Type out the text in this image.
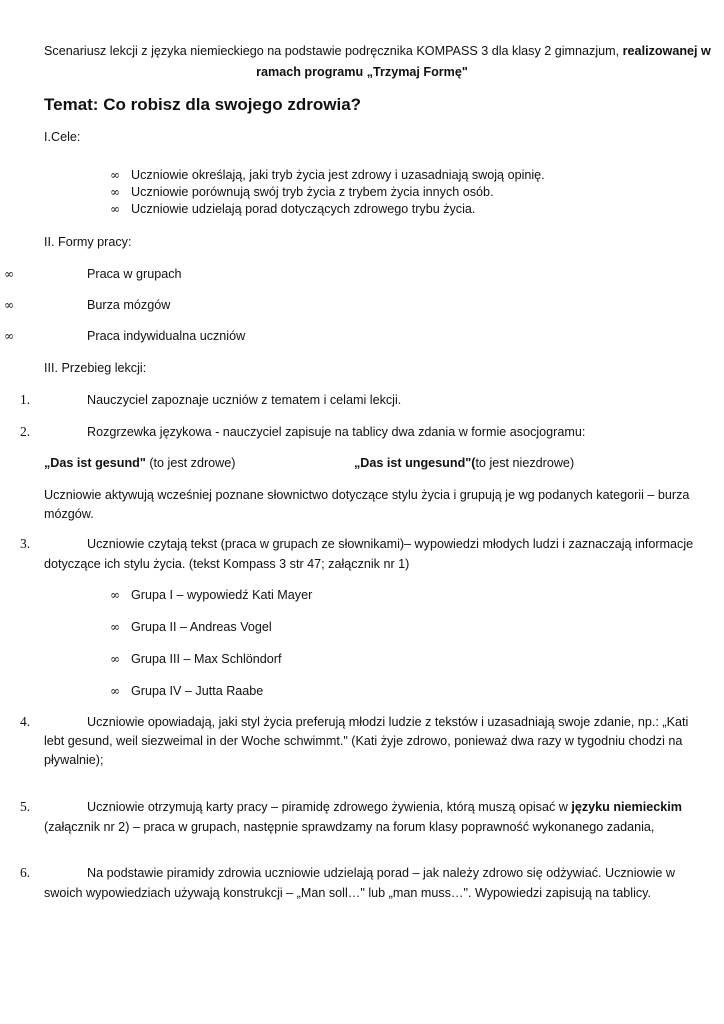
Scenariusz lekcji z języka niemieckiego na podstawie podręcznika KOMPASS 3 dla klasy 2 gimnazjum, realizowanej w
ramach programu „Trzymaj Formę"
Temat: Co robisz dla swojego zdrowia?
I.Cele:
∞ Uczniowie określają, jaki tryb życia jest zdrowy i uzasadniają swoją opinię.
∞ Uczniowie porównują swój tryb życia z trybem życia innych osób.
∞ Uczniowie udzielają porad dotyczących zdrowego trybu życia.
II. Formy pracy:
∞	Praca w grupach
∞	Burza mózgów
∞	Praca indywidualna uczniów
III. Przebieg lekcji:
1.	Nauczyciel zapoznaje uczniów z tematem i celami lekcji.
2.	Rozgrzewka językowa - nauczyciel zapisuje na tablicy dwa zdania w formie asocjogramu:
„Das ist gesund" (to jest zdrowe)	„Das ist ungesund"(to jest niezdrowe)
Uczniowie aktywują wcześniej poznane słownictwo dotyczące stylu życia i grupują je wg podanych kategorii – burza
mózgów.
3.	Uczniowie czytają tekst (praca w grupach ze słownikami)– wypowiedzi młodych ludzi i zaznaczają informacje
dotyczące ich stylu życia. (tekst Kompass 3 str 47; załącznik nr 1)
∞ Grupa I – wypowiedź Kati Mayer
∞ Grupa II – Andreas Vogel
∞ Grupa III – Max Schlöndorf
∞ Grupa IV – Jutta Raabe
4.	Uczniowie opowiadają, jaki styl życia preferują młodzi ludzie z tekstów i uzasadniają swoje zdanie, np.: „Kati
lebt gesund, weil siezweimal in der Woche schwimmt." (Kati żyje zdrowo, ponieważ dwa razy w tygodniu chodzi na
pływalnie);
5.	Uczniowie otrzymują karty pracy – piramidę zdrowego żywienia, którą muszą opisać w języku niemieckim
(załącznik nr 2) – praca w grupach, następnie sprawdzamy na forum klasy poprawność wykonanego zadania,
6.	Na podstawie piramidy zdrowia uczniowie udzielają porad – jak należy zdrowo się odżywiać. Uczniowie w
swoich wypowiedziach używają konstrukcji – „Man soll…" lub „man muss…". Wypowiedzi zapisują na tablicy.
